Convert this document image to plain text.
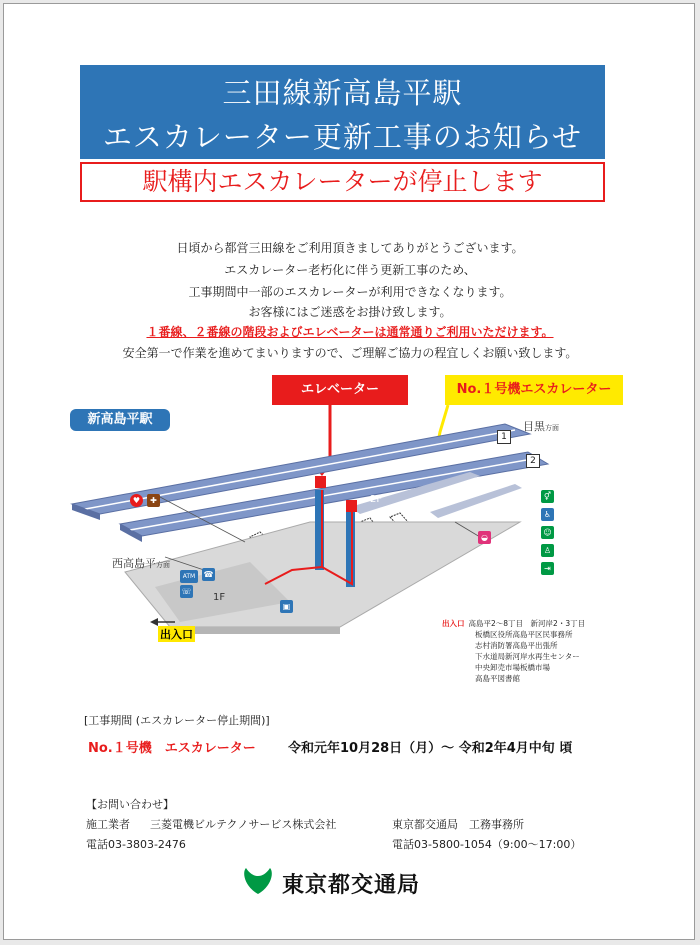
三田線新高島平駅
エスカレーター更新工事のお知らせ
駅構内エスカレーターが停止します
日頃から都営三田線をご利用頂きましてありがとうございます。
エスカレーター老朽化に伴う更新工事のため、
工事期間中一部のエスカレーターが利用できなくなります。
お客様にはご迷惑をお掛け致します。
１番線、２番線の階段およびエレベーターは通常通りご利用いただけます。
安全第一で作業を進めてまいりますので、ご理解ご協力の程宜しくお願い致します。
エレベーター	No.１号機エスカレーター
新高島平駅	目黒方面
西高島平方面
1
2
2F
2F
1F
ATM	☎
☏
▣
♥	✚
◒
⚥
♿
☺
♙
⇥
出入口
出入口 高島平2～8丁目　新河岸2・3丁目
板橋区役所高島平区民事務所
志村消防署高島平出張所
下水道局新河岸水再生センター
中央卸売市場板橋市場
高島平図書館
[工事期間 (エスカレーター停止期間)]
No.１号機　エスカレーター 令和元年10月28日（月）～ 令和2年4月中旬 頃
【お問い合わせ】
施工業者 三菱電機ビルテクノサービス株式会社
電話03-3803-2476
東京都交通局　工務事務所
電話03-5800-1054（9:00～17:00）
東京都交通局
